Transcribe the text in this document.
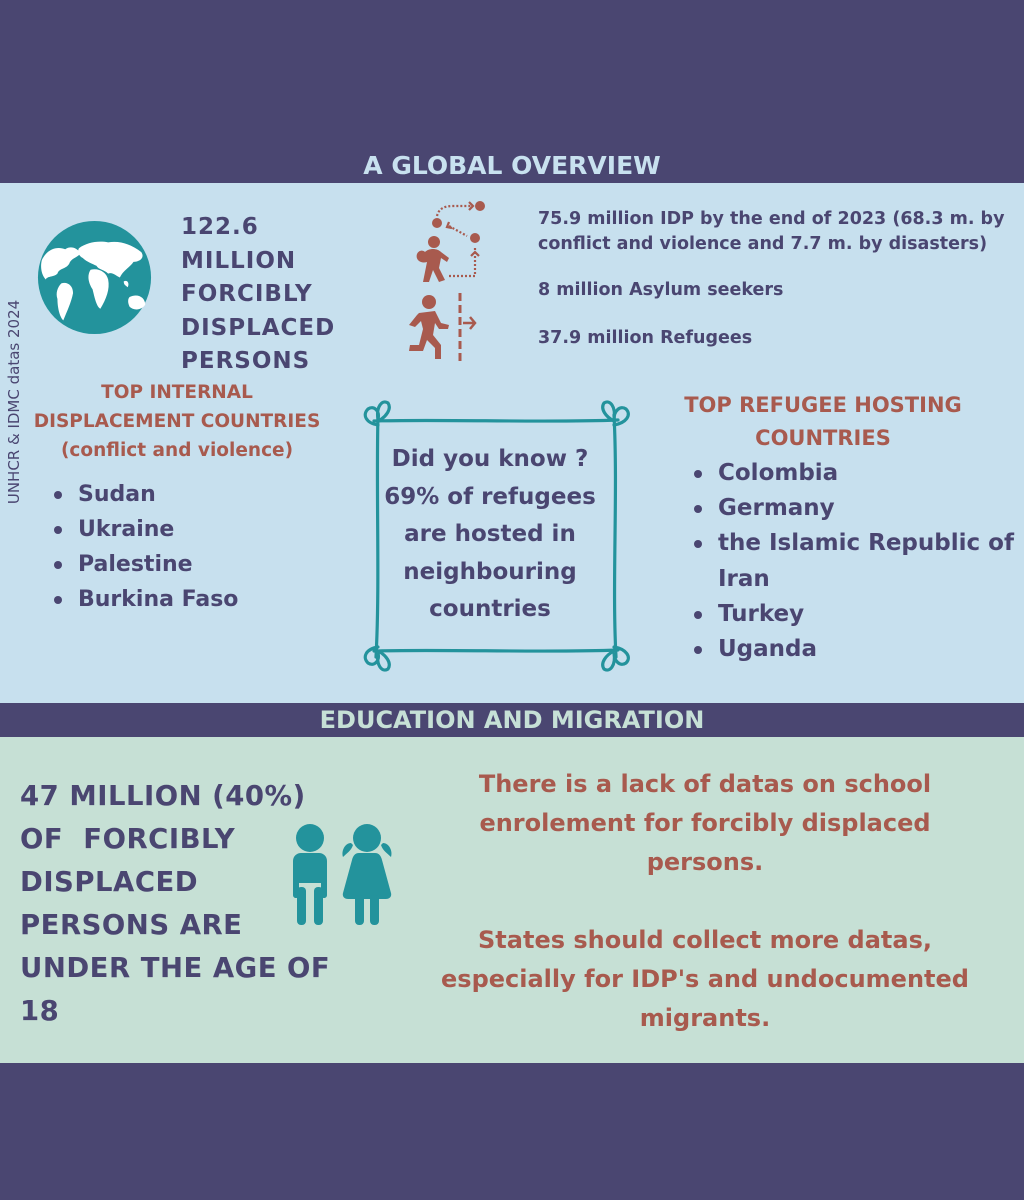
A GLOBAL OVERVIEW
UNHCR & IDMC datas 2024
122.6 MILLION
FORCIBLY
DISPLACED
PERSONS
75.9 million IDP by the end of 2023 (68.3 m. by conflict and violence and 7.7 m. by disasters)
8 million Asylum seekers
37.9 million Refugees
TOP INTERNAL
DISPLACEMENT COUNTRIES
(conflict and violence)
Sudan
Ukraine
Palestine
Burkina Faso
Did you know ?
69% of refugees
are hosted in
neighbouring
countries
TOP REFUGEE HOSTING
COUNTRIES
Colombia
Germany
the Islamic Republic of Iran
Turkey
Uganda
EDUCATION AND MIGRATION
47 MILLION (40%)
OF  FORCIBLY
DISPLACED
PERSONS ARE
UNDER THE AGE OF
18

There is a lack of datas on school enrolement for forcibly displaced persons.

States should collect more datas, especially for IDP's and undocumented migrants.
